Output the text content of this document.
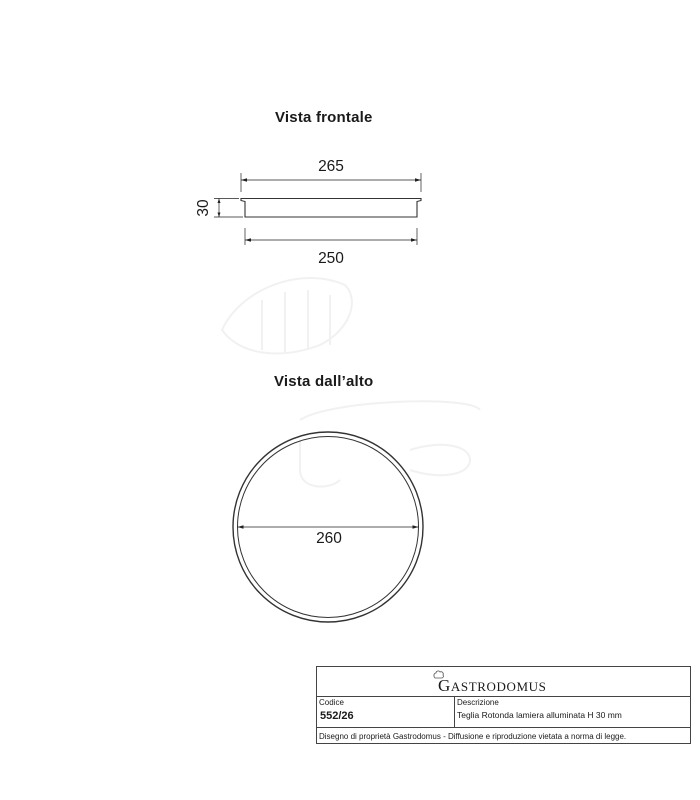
Vista frontale
Vista dall’alto
265
30
250
260
GASTRODOMUS
Codice
552/26
Descrizione
Teglia Rotonda lamiera alluminata H 30 mm
Disegno di proprietà Gastrodomus - Diffusione e riproduzione vietata a norma di legge.
